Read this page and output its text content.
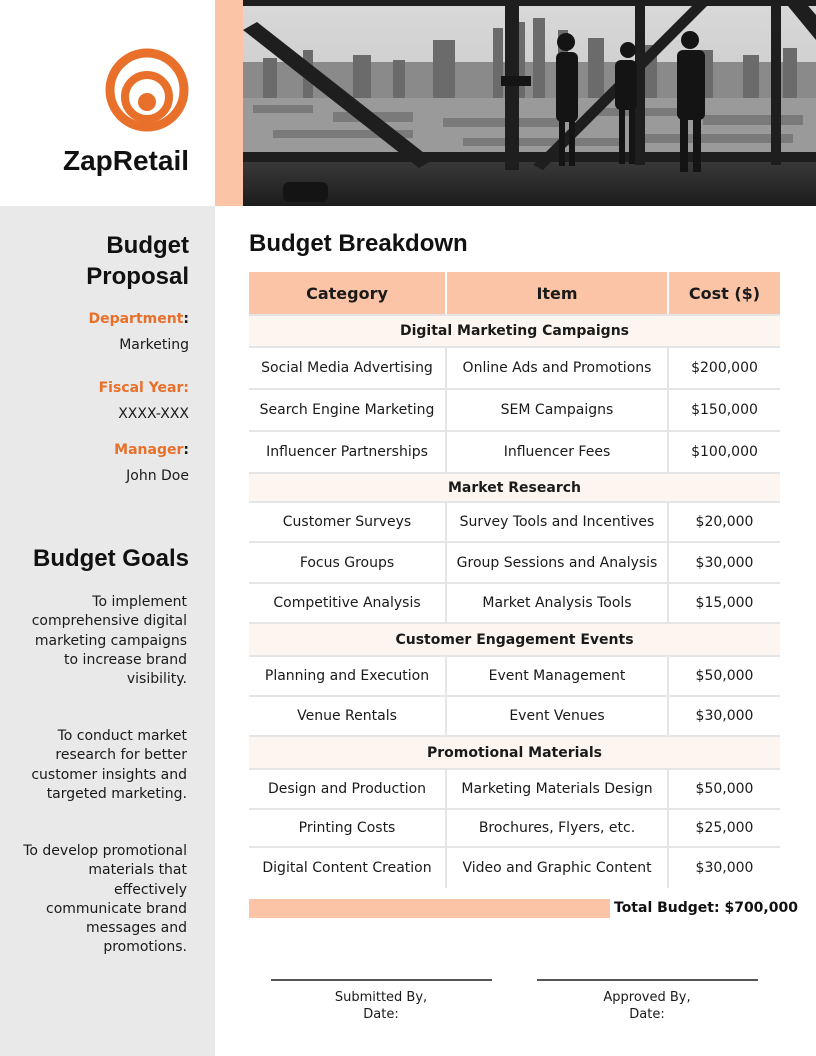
ZapRetail
Budget
Proposal
Department:
Marketing
Fiscal Year:
XXXX-XXX
Manager:
John Doe
Budget Goals
To implement comprehensive digital marketing campaigns to increase brand visibility.
To conduct market research for better customer insights and targeted marketing.
To develop promotional materials that effectively communicate brand messages and promotions.
Budget Breakdown
Category	Item	Cost ($)
Digital Marketing Campaigns
Social Media Advertising	Online Ads and Promotions	$200,000
Search Engine Marketing	SEM Campaigns	$150,000
Influencer Partnerships	Influencer Fees	$100,000
Market Research
Customer Surveys	Survey Tools and Incentives	$20,000
Focus Groups	Group Sessions and Analysis	$30,000
Competitive Analysis	Market Analysis Tools	$15,000
Customer Engagement Events
Planning and Execution	Event Management	$50,000
Venue Rentals	Event Venues	$30,000
Promotional Materials
Design and Production	Marketing Materials Design	$50,000
Printing Costs	Brochures, Flyers, etc.	$25,000
Digital Content Creation	Video and Graphic Content	$30,000
Total Budget: $700,000
Submitted By,
Date:
Approved By,
Date:
